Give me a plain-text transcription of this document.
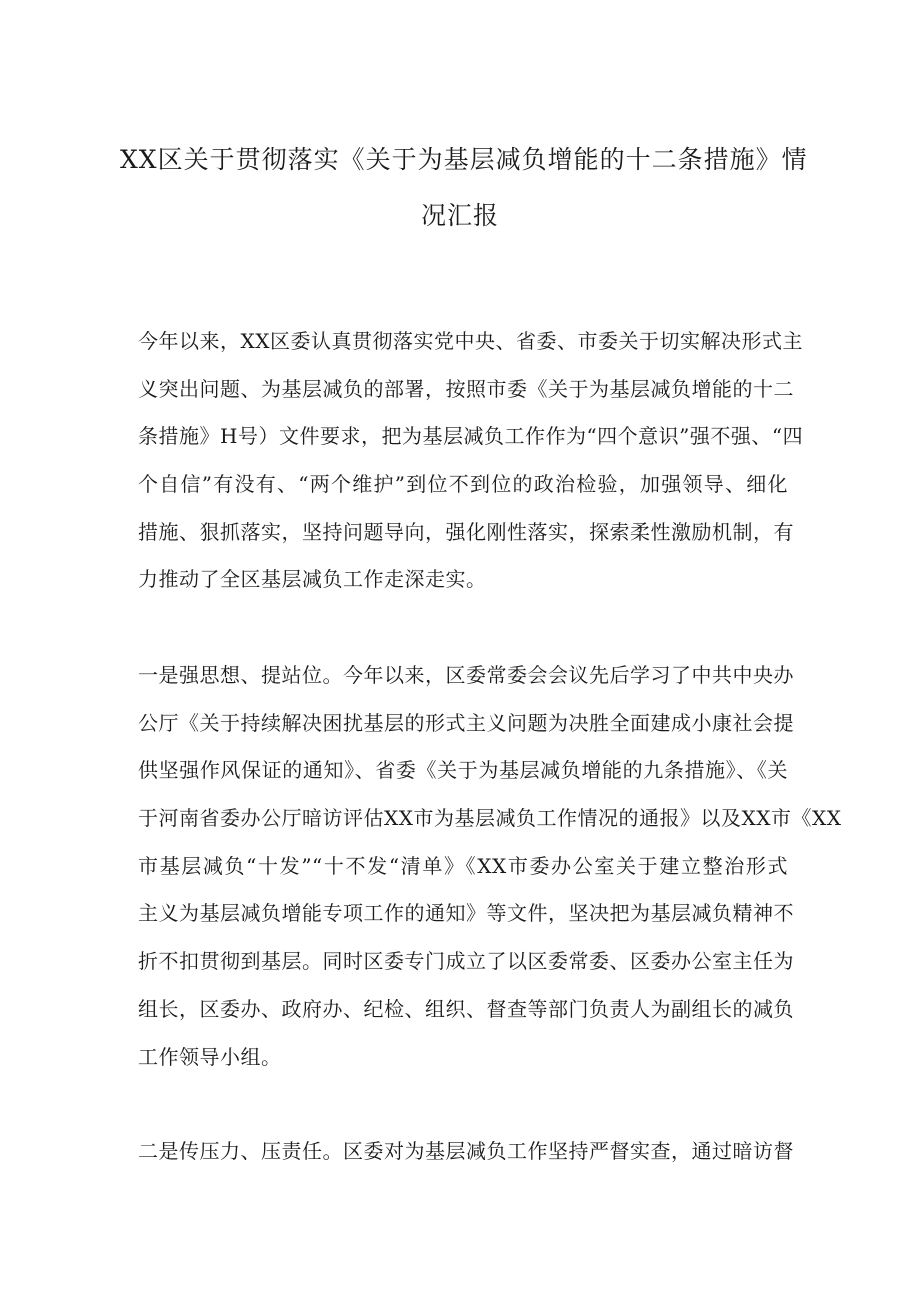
XX区关于贯彻落实《关于为基层减负增能的十二条措施》情
况汇报
今年以来，XX区委认真贯彻落实党中央、省委、市委关于切实解决形式主
义突出问题、为基层减负的部署，按照市委《关于为基层减负增能的十二
条措施》H号）文件要求，把为基层减负工作作为“四个意识”强不强、“四
个自信”有没有、“两个维护”到位不到位的政治检验，加强领导、细化
措施、狠抓落实，坚持问题导向，强化刚性落实，探索柔性激励机制，有
力推动了全区基层减负工作走深走实。
一是强思想、提站位。今年以来，区委常委会会议先后学习了中共中央办
公厅《关于持续解决困扰基层的形式主义问题为决胜全面建成小康社会提
供坚强作风保证的通知》、省委《关于为基层减负增能的九条措施》、《关
于河南省委办公厅暗访评估XX市为基层减负工作情况的通报》以及XX市《XX
市基层减负“十发”“十不发“清单》《XX市委办公室关于建立整治形式
主义为基层减负增能专项工作的通知》等文件，坚决把为基层减负精神不
折不扣贯彻到基层。同时区委专门成立了以区委常委、区委办公室主任为
组长，区委办、政府办、纪检、组织、督查等部门负责人为副组长的减负
工作领导小组。
二是传压力、压责任。区委对为基层减负工作坚持严督实查，通过暗访督
